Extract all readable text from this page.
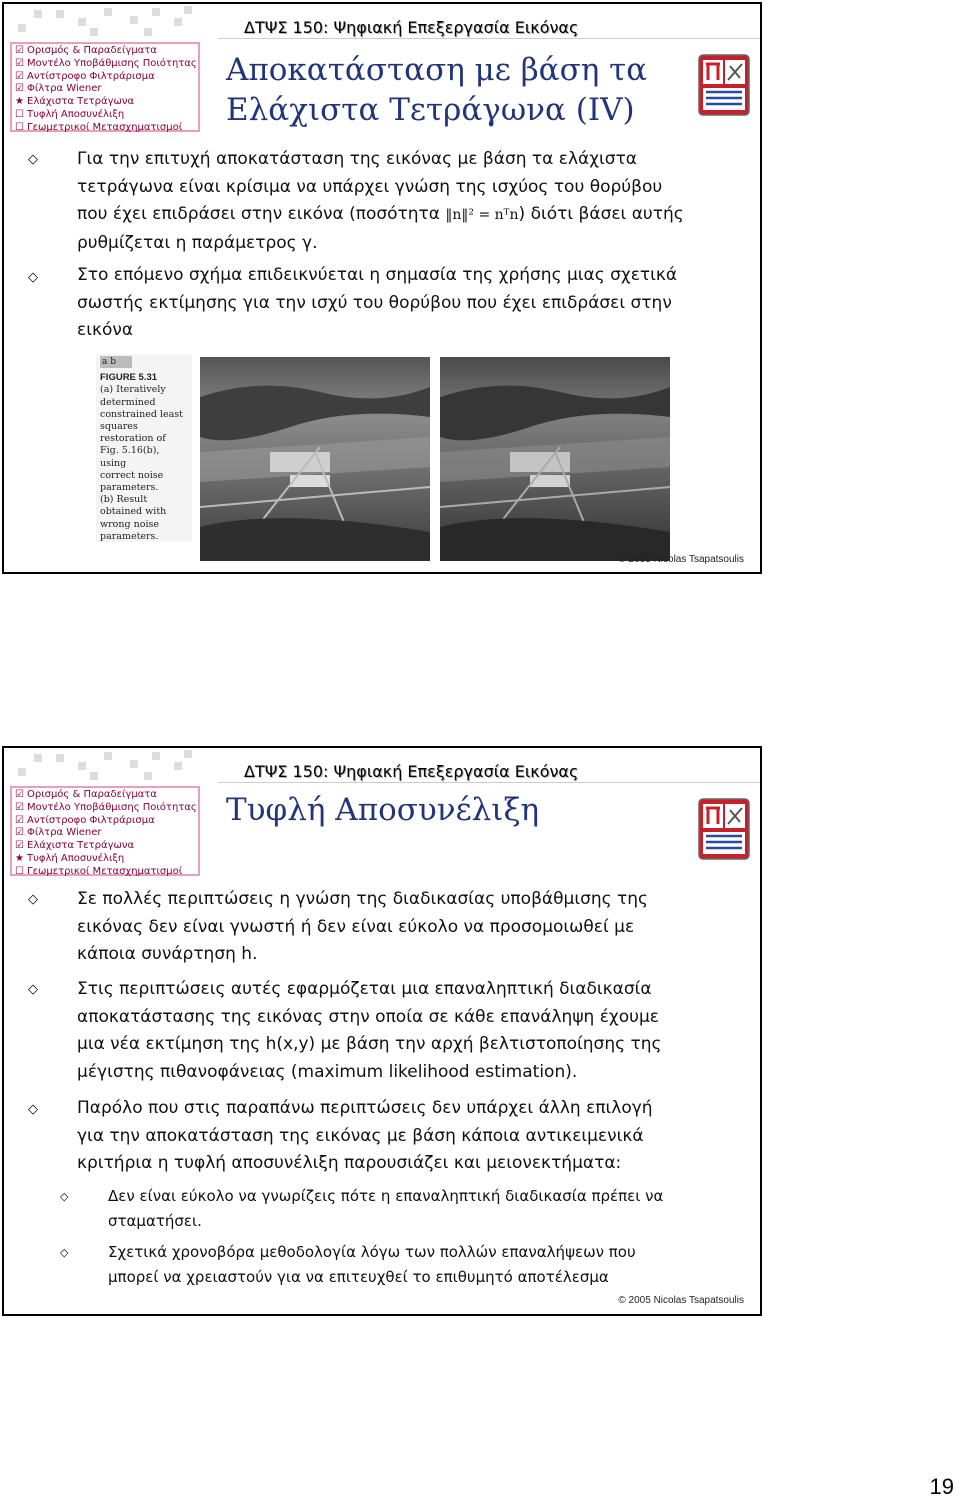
ΔΤΨΣ 150: Ψηφιακή Επεξεργασία Εικόνας
☑ Ορισμός & Παραδείγματα
☑ Μοντέλο Υποβάθμισης Ποιότητας
☑ Αντίστροφο Φιλτράρισμα
☑ Φίλτρα Wiener
★ Ελάχιστα Τετράγωνα
☐ Τυφλή Αποσυνέλιξη
☐ Γεωμετρικοί Μετασχηματισμοί
Αποκατάσταση με βάση τα
Ελάχιστα Τετράγωνα (IV)
◇ Για την επιτυχή αποκατάσταση της εικόνας με βάση τα ελάχιστα
τετράγωνα είναι κρίσιμα να υπάρχει γνώση της ισχύος του θορύβου
που έχει επιδράσει στην εικόνα (ποσότητα ‖n‖² = nᵀn) διότι βάσει αυτής
ρυθμίζεται η παράμετρος γ.
◇ Στο επόμενο σχήμα επιδεικνύεται η σημασία της χρήσης μιας σχετικά
σωστής εκτίμησης για την ισχύ του θορύβου που έχει επιδράσει στην
εικόνα
a b
FIGURE 5.31
(a) Iteratively
determined
constrained least
squares
restoration of
Fig. 5.16(b), using
correct noise
parameters.
(b) Result
obtained with
wrong noise
parameters.
© 2005 Nicolas Tsapatsoulis
ΔΤΨΣ 150: Ψηφιακή Επεξεργασία Εικόνας
☑ Ορισμός & Παραδείγματα
☑ Μοντέλο Υποβάθμισης Ποιότητας
☑ Αντίστροφο Φιλτράρισμα
☑ Φίλτρα Wiener
☑ Ελάχιστα Τετράγωνα
★ Τυφλή Αποσυνέλιξη
☐ Γεωμετρικοί Μετασχηματισμοί
Τυφλή Αποσυνέλιξη
◇ Σε πολλές περιπτώσεις η γνώση της διαδικασίας υποβάθμισης της
εικόνας δεν είναι γνωστή ή δεν είναι εύκολο να προσομοιωθεί με
κάποια συνάρτηση h.
◇ Στις περιπτώσεις αυτές εφαρμόζεται μια επαναληπτική διαδικασία
αποκατάστασης της εικόνας στην οποία σε κάθε επανάληψη έχουμε
μια νέα εκτίμηση της h(x,y) με βάση την αρχή βελτιστοποίησης της
μέγιστης πιθανοφάνειας (maximum likelihood estimation).
◇ Παρόλο που στις παραπάνω περιπτώσεις δεν υπάρχει άλλη επιλογή
για την αποκατάσταση της εικόνας με βάση κάποια αντικειμενικά
κριτήρια η τυφλή αποσυνέλιξη παρουσιάζει και μειονεκτήματα:
◇	Δεν είναι εύκολο να γνωρίζεις πότε η επαναληπτική διαδικασία πρέπει να
σταματήσει.
◇	Σχετικά χρονοβόρα μεθοδολογία λόγω των πολλών επαναλήψεων που
μπορεί να χρειαστούν για να επιτευχθεί το επιθυμητό αποτέλεσμα
© 2005 Nicolas Tsapatsoulis
19
